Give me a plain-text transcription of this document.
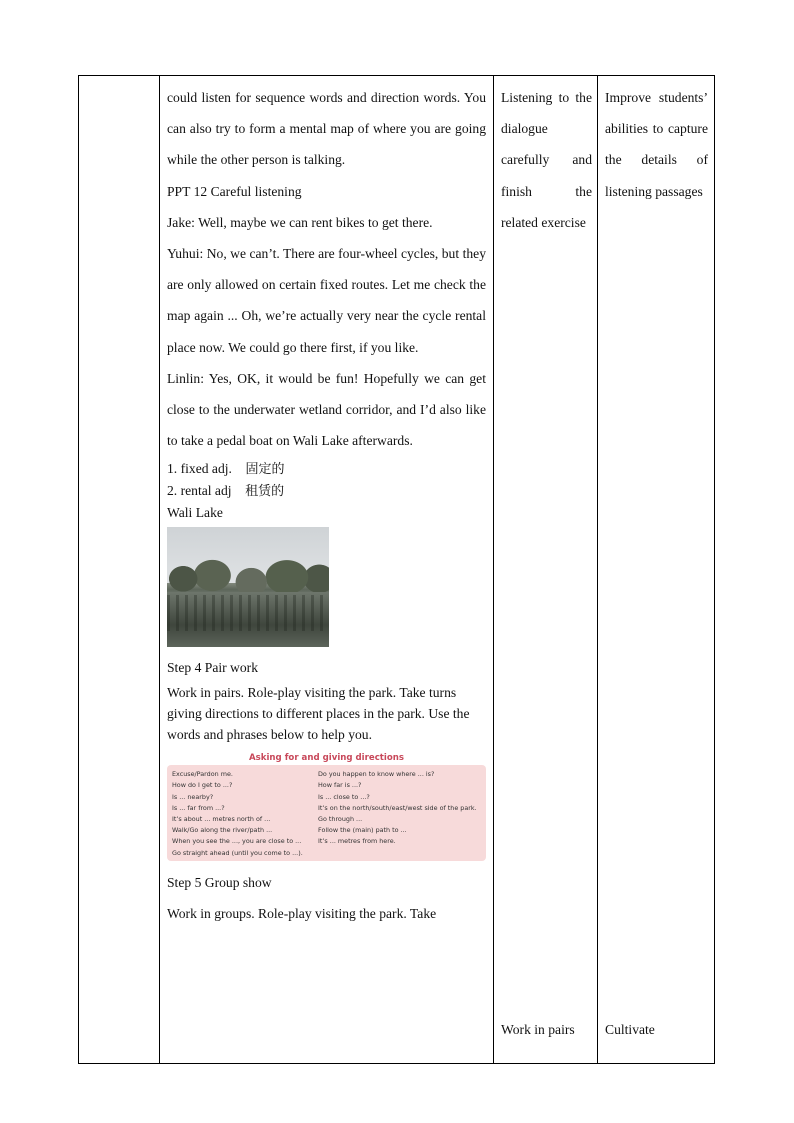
could listen for sequence words and direction words. You can also try to form a mental map of where you are going while the other person is talking.

PPT 12 Careful listening

Jake: Well, maybe we can rent bikes to get there.

Yuhui: No, we can’t. There are four-wheel cycles, but they are only allowed on certain fixed routes. Let me check the map again ... Oh, we’re actually very near the cycle rental place now. We could go there first, if you like.

Linlin: Yes, OK, it would be fun! Hopefully we can get close to the underwater wetland corridor, and I’d also like to take a pedal boat on Wali Lake afterwards.

1. fixed adj. 固定的

2. rental adj 租赁的

Wali Lake

Step 4 Pair work

Work in pairs. Role-play visiting the park. Take turns giving directions to different places in the park. Use the words and phrases below to help you.

Asking for and giving directions
Excuse/Pardon me.
How do I get to ...?
Is ... nearby?
Is ... far from ...?
It’s about ... metres north of ...
Walk/Go along the river/path ...
When you see the ..., you are close to ...
Go straight ahead (until you come to ...).
Do you happen to know where ... is?
How far is ...?
Is ... close to ...?
It’s on the north/south/east/west side of the park.
Go through ...
Follow the (main) path to ...
It’s ... metres from here.

Step 5 Group show

Work in groups. Role-play visiting the park. Take

Listening to the dialogue carefully and finish the related exercise

Work in pairs

Improve students’ abilities to capture the details of listening passages

Cultivate
